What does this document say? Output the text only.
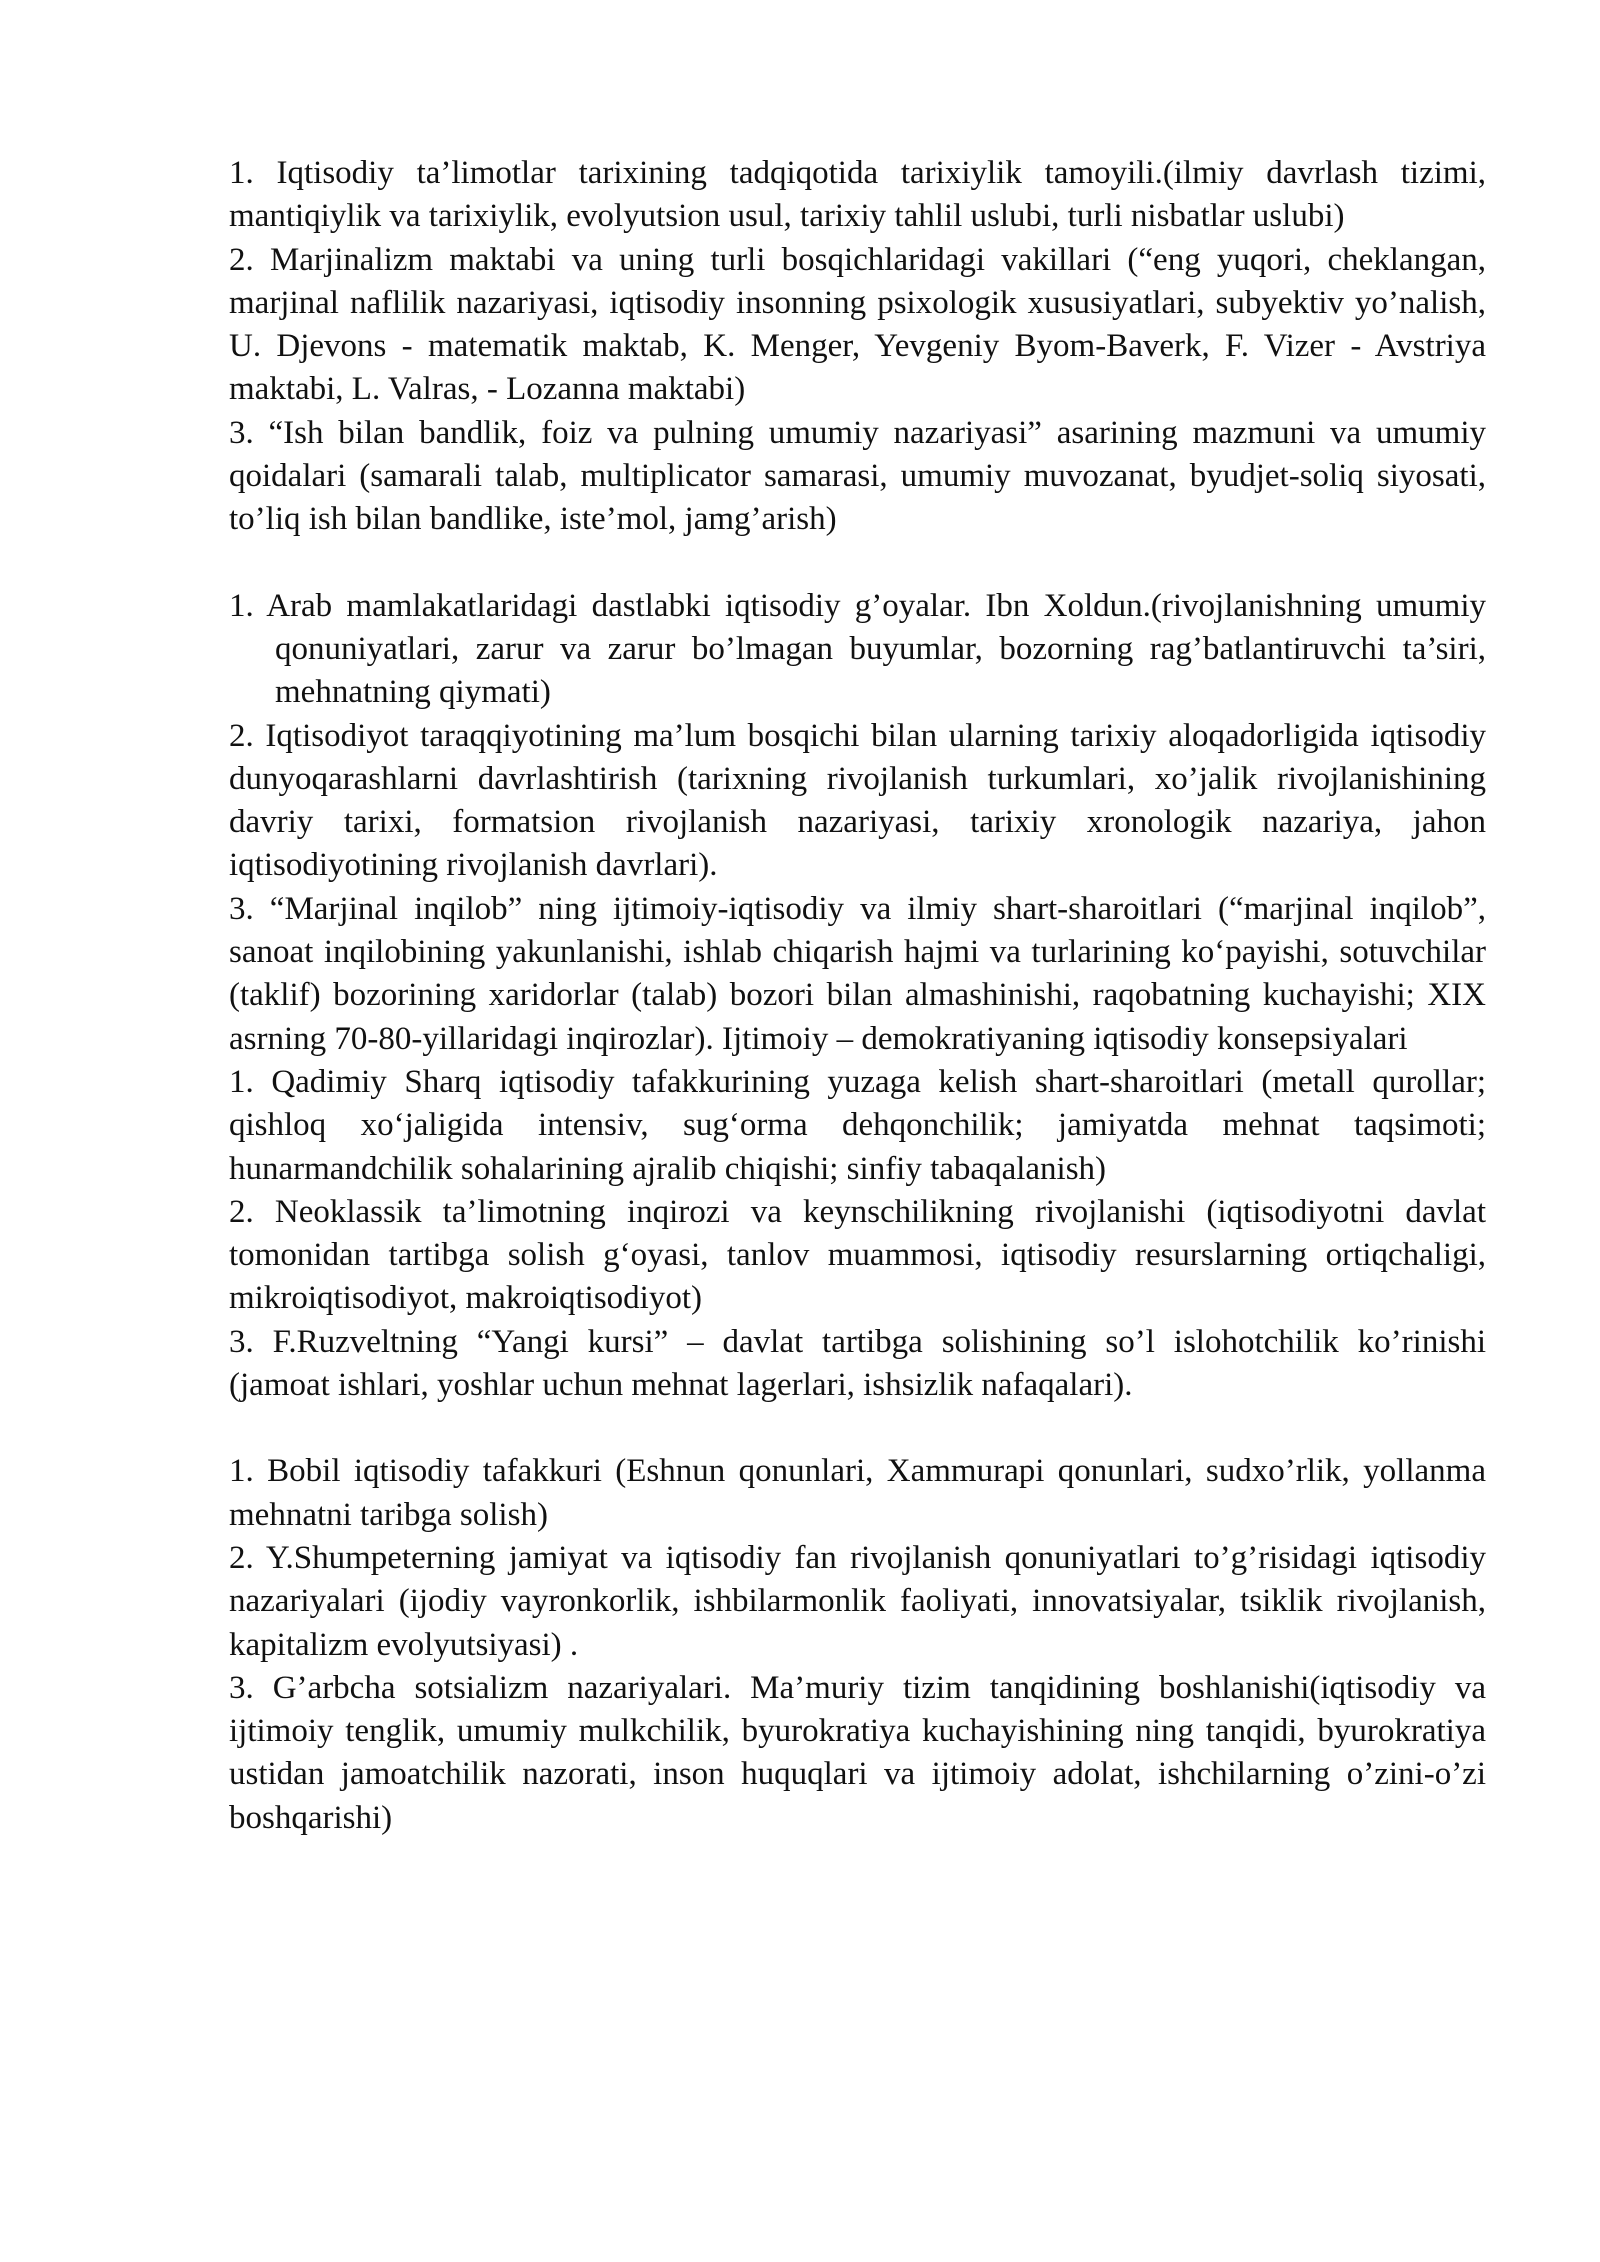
1. Iqtisodiy ta’limotlar tarixining tadqiqotida tarixiylik tamoyili.(ilmiy davrlash tizimi, mantiqiylik va tarixiylik, evolyutsion usul, tarixiy tahlil uslubi, turli nisbatlar uslubi)

2. Marjinalizm maktabi va uning turli bosqichlaridagi vakillari (“eng yuqori, cheklangan, marjinal naflilik nazariyasi, iqtisodiy insonning psixologik xususiyatlari, subyektiv yo’nalish, U. Djevons - matematik maktab, K. Menger, Yevgeniy Byom-Baverk, F. Vizer - Avstriya maktabi, L. Valras, - Lozanna maktabi)

3. “Ish bilan bandlik, foiz va pulning umumiy nazariyasi” asarining mazmuni va umumiy qoidalari (samarali talab, multiplicator samarasi, umumiy muvozanat, byudjet-soliq siyosati, to’liq ish bilan bandlike, iste’mol, jamg’arish)

1. Arab mamlakatlaridagi dastlabki iqtisodiy g’oyalar. Ibn Xoldun.(rivojlanishning umumiy qonuniyatlari, zarur va zarur bo’lmagan buyumlar, bozorning rag’batlantiruvchi ta’siri, mehnatning qiymati)

2. Iqtisodiyot taraqqiyotining ma’lum bosqichi bilan ularning tarixiy aloqadorligida iqtisodiy dunyoqarashlarni davrlashtirish (tarixning rivojlanish turkumlari, xo’jalik rivojlanishining davriy tarixi, formatsion rivojlanish nazariyasi, tarixiy xronologik nazariya, jahon iqtisodiyotining rivojlanish davrlari).

3. “Marjinal inqilob” ning ijtimoiy-iqtisodiy va ilmiy shart-sharoitlari (“marjinal inqilob”, sanoat inqilobining yakunlanishi, ishlab chiqarish hajmi va turlarining ko‘payishi, sotuvchilar (taklif) bozorining xaridorlar (talab) bozori bilan almashinishi, raqobatning kuchayishi; XIX asrning 70-80-yillaridagi inqirozlar). Ijtimoiy – demokratiyaning iqtisodiy konsepsiyalari

1. Qadimiy Sharq iqtisodiy tafakkurining yuzaga kelish shart-sharoitlari (metall qurollar; qishloq xo‘jaligida intensiv, sug‘orma dehqonchilik; jamiyatda mehnat taqsimoti; hunarmandchilik sohalarining ajralib chiqishi; sinfiy tabaqalanish)

2. Neoklassik ta’limotning inqirozi va keynschilikning rivojlanishi (iqtisodiyotni davlat tomonidan tartibga solish g‘oyasi, tanlov muammosi, iqtisodiy resurslarning ortiqchaligi, mikroiqtisodiyot, makroiqtisodiyot)

3. F.Ruzveltning “Yangi kursi” – davlat tartibga solishining so’l islohotchilik ko’rinishi (jamoat ishlari, yoshlar uchun mehnat lagerlari, ishsizlik nafaqalari).

1. Bobil iqtisodiy tafakkuri (Eshnun qonunlari, Xammurapi qonunlari, sudxo’rlik, yollanma mehnatni taribga solish)

2. Y.Shumpeterning jamiyat va iqtisodiy fan rivojlanish qonuniyatlari to’g’risidagi iqtisodiy nazariyalari (ijodiy vayronkorlik, ishbilarmonlik faoliyati, innovatsiyalar, tsiklik rivojlanish, kapitalizm evolyutsiyasi) .

3. G’arbcha sotsializm nazariyalari. Ma’muriy tizim tanqidining boshlanishi(iqtisodiy va ijtimoiy tenglik, umumiy mulkchilik, byurokratiya kuchayishining ning tanqidi, byurokratiya ustidan jamoatchilik nazorati, inson huquqlari va ijtimoiy adolat, ishchilarning o’zini-o’zi boshqarishi)
